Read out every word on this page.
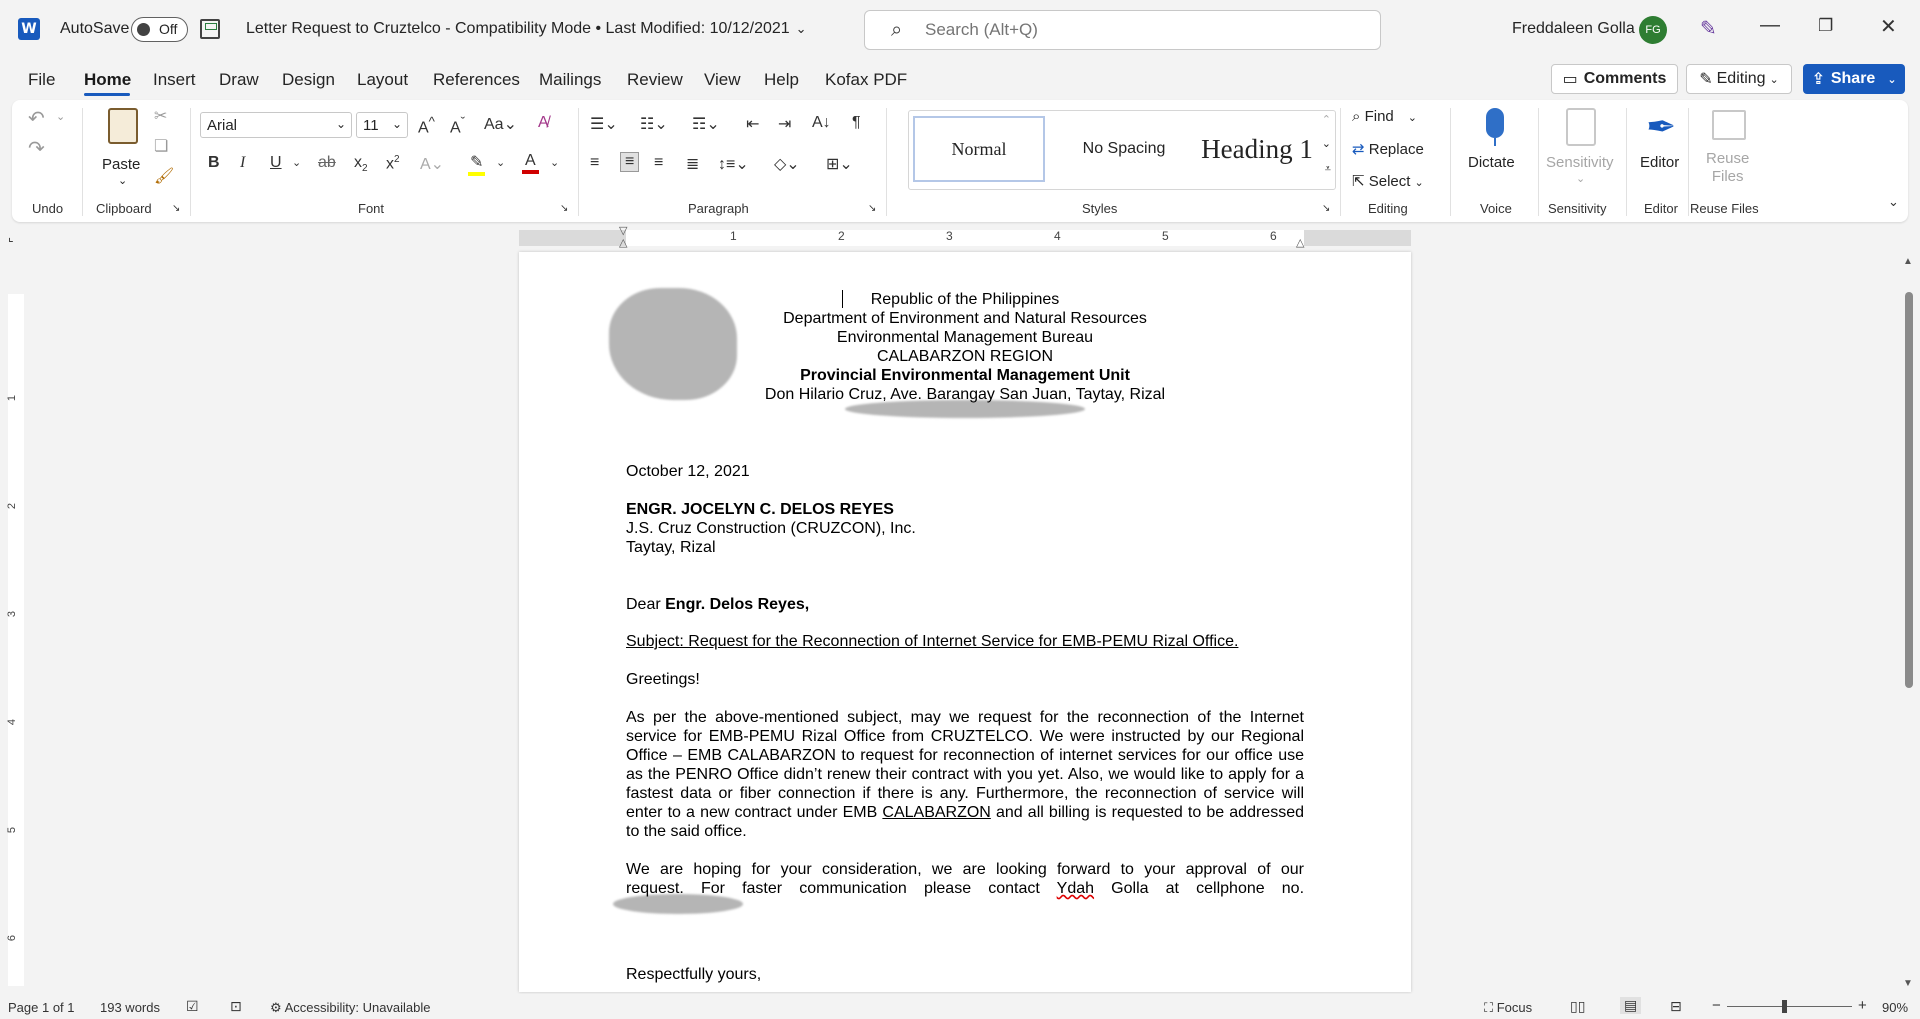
W AutoSave Off	Letter Request to Cruztelco - Compatibility Mode • Last Modified: 10/12/2021 ⌄	⌕
Search (Alt+Q)	Freddaleen Golla FG	✎ — ❐ ✕
File Home Insert Draw Design Layout References Mailings Review View Help Kofax PDF	▭ Comments ✎ Editing ⌄ ⇪ Share ⌄
↶ ⌄
↷
Undo
Paste
⌄
✂
❏
🖌
Clipboard ↘
Arial	⌄	11 ⌄ A^ $A^ˇ$ Aa⌄ A̸
B I U ⌄ ab $x_2$ $x^2$ A⌄ ✎ ⌄ A ⌄
Font	↘
☰⌄ ☷⌄ ☶⌄ ⇤ ⇥ A↓ ¶
≡	≡	≡ ≣ ↕≡⌄ ◇⌄ ⊞⌄
Paragraph	↘
Normal	No Spacing	Heading 1
⌃
⌄
⩡
Styles	↘
⌕ Find ⌄
⇄ Replace
⇱ Select ⌄
Editing
Dictate
Voice
Sensitivity
⌄
Sensitivity
✒
Editor
Editor
Reuse
Files
Reuse Files	⌄
⌞	▽
△	△
1	2	3	4	5	6
1
2
3
4
5
6
Republic of the Philippines
Department of Environment and Natural Resources
Environmental Management Bureau
CALABARZON REGION
Provincial Environmental Management Unit
Don Hilario Cruz, Ave. Barangay San Juan, Taytay, Rizal
October 12, 2021
ENGR. JOCELYN C. DELOS REYES
J.S. Cruz Construction (CRUZCON), Inc.
Taytay, Rizal
Dear Engr. Delos Reyes,
Subject: Request for the Reconnection of Internet Service for EMB-PEMU Rizal Office.
Greetings!
As per the above-mentioned subject, may we request for the reconnection of the Internet service for EMB-PEMU Rizal Office from CRUZTELCO. We were instructed by our Regional Office – EMB CALABARZON to request for reconnection of internet services for our office use as the PENRO Office didn’t renew their contract with you yet. Also, we would like to apply for a fastest data or fiber connection if there is any. Furthermore, the reconnection of service will enter to a new contract under EMB CALABARZON and all billing is requested to be addressed to the said office.
We are hoping for your consideration, we are looking forward to your approval of our
request. For faster communication please contact Ydah Golla at cellphone no.
Respectfully yours,
▲
▼
Page 1 of 1 193 words ☑ ⊡ ⚙ Accessibility: Unavailable	⛶ Focus	▯▯	▤ ⊟ −	+ 90%
